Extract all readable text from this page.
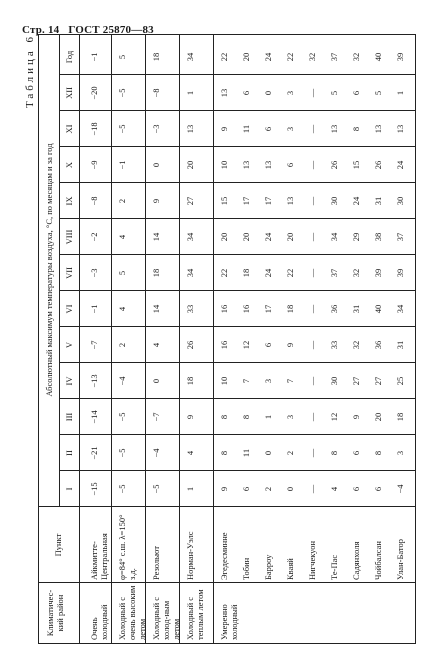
Стр. 14 ГОСТ 25870—83
Таблица 6
Климатичес-кий район
Пункт
Абсолютный максимум температуры воздуха, °С, по месяцам и за год
I
II
III
IV
V
VI
VII
VIII
IX
X
XI
XII
Год
Очень холодный
Айкмитте-Центральная
−15
−21
−14
−13
−7
−1
−3
−2
−8
−9
−18
−20
−1
Холодный с очень высоким летом
φ=84° с.ш. λ=150° з.д.
−5
−5
−5
−4
2
4
5
4
2
−1
−5
−5
5
Холодный с холод-ным летом
Резольют
−5
−4
−7
0
4
14
18
14
9
0
−3
−8
18
Холодный с теплым летом
Норман-Уэлс
1
4
9
18
26
33
34
34
27
20
13
1
34
Умеренно холодный
Эгедесминне
9
8
8
10
16
16
22
20
15
10
9
13
22
Тобин
6
11
8
7
12
16
18
20
17
13
11
6
20
Барроу
2
0
1
3
6
17
24
24
17
13
6
0
24
Кваяй
0
2
3
7
9
18
22
20
13
6
3
3
22
Нигчекуон
—
—
—
—
—
—
—
—
—
—
—
—
32
Те-Пас
4
8
12
30
33
36
37
34
30
26
13
5
37
Садянхоля
6
6
9
27
32
31
32
29
24
15
8
6
32
Чойбалсан
6
8
20
27
36
40
39
38
31
26
13
5
40
Улан-Батор
−4
3
18
25
31
34
39
37
30
24
13
1
39
